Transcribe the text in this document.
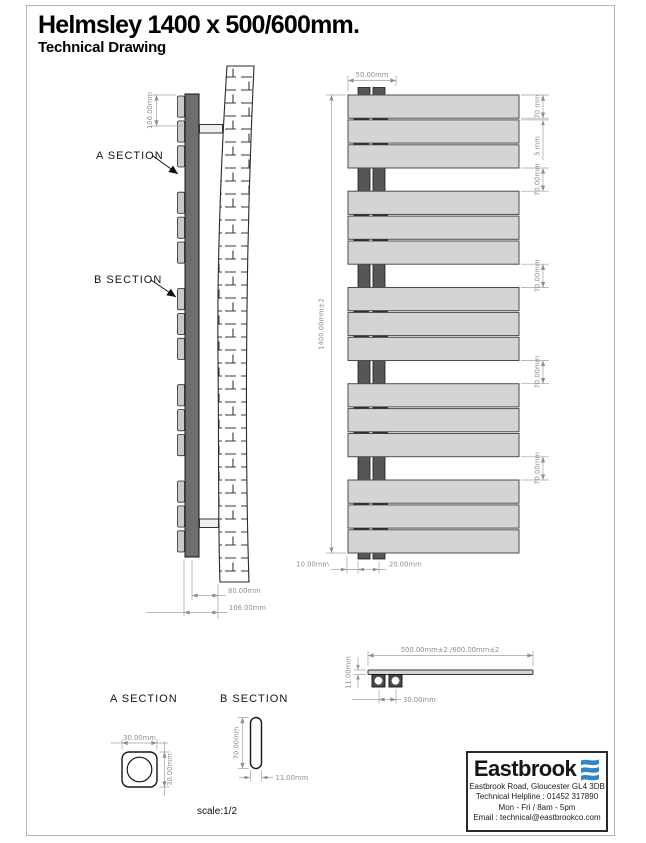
Helmsley 1400 x 500/600mm.
Technical Drawing
100.00mm
A SECTION
B SECTION
80.00mm
106.00mm
50.00mm
1400.00mm±2
70 mm
5 mm
70.00mm
70.00mm
70.00mm
70.00mm
10.00mm	20.00mm
500.00mm±2 /600.00mm±2
11.00mm
30.00mm
A SECTION
30.00mm
30.00mm
B SECTION
70.00mm
11.00mm
scale:1/2
Eastbrook
Eastbrook Road, Gloucester GL4 3DB
Technical Helpline : 01452 317890
Mon - Fri / 8am - 5pm
Email : technical@eastbrookco.com
